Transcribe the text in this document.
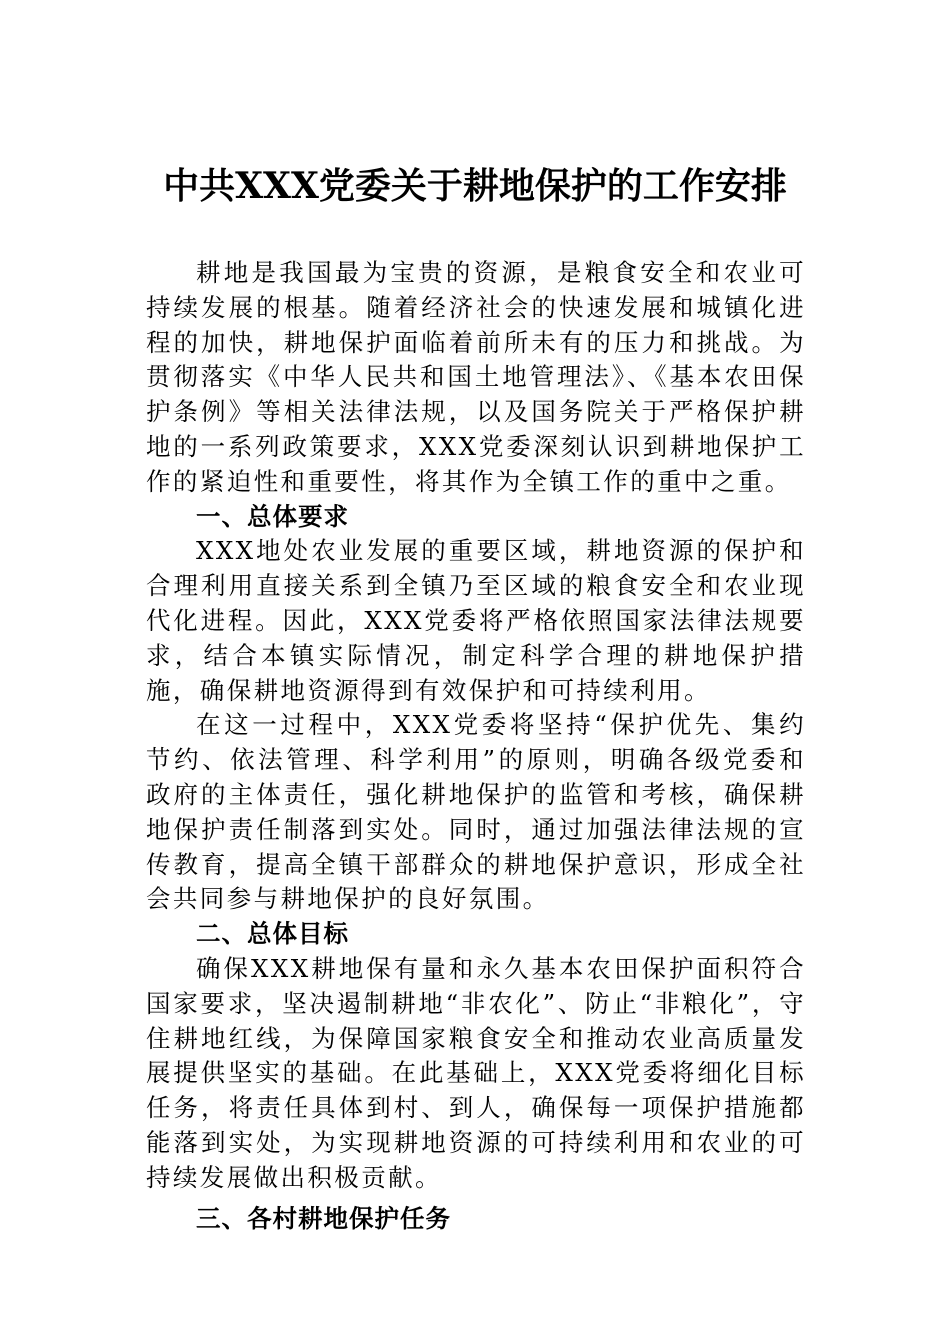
中共XXX党委关于耕地保护的工作安排

耕地是我国最为宝贵的资源，是粮食安全和农业可持续发展的根基。随着经济社会的快速发展和城镇化进程的加快，耕地保护面临着前所未有的压力和挑战。为贯彻落实《中华人民共和国土地管理法》、《基本农田保护条例》等相关法律法规，以及国务院关于严格保护耕地的一系列政策要求，XXX党委深刻认识到耕地保护工作的紧迫性和重要性，将其作为全镇工作的重中之重。

一、总体要求

XXX地处农业发展的重要区域，耕地资源的保护和合理利用直接关系到全镇乃至区域的粮食安全和农业现代化进程。因此，XXX党委将严格依照国家法律法规要求，结合本镇实际情况，制定科学合理的耕地保护措施，确保耕地资源得到有效保护和可持续利用。

在这一过程中，XXX党委将坚持“保护优先、集约节约、依法管理、科学利用”的原则，明确各级党委和政府的主体责任，强化耕地保护的监管和考核，确保耕地保护责任制落到实处。同时，通过加强法律法规的宣传教育，提高全镇干部群众的耕地保护意识，形成全社会共同参与耕地保护的良好氛围。

二、总体目标

确保XXX耕地保有量和永久基本农田保护面积符合国家要求，坚决遏制耕地“非农化”、防止“非粮化”，守住耕地红线，为保障国家粮食安全和推动农业高质量发展提供坚实的基础。在此基础上，XXX党委将细化目标任务，将责任具体到村、到人，确保每一项保护措施都能落到实处，为实现耕地资源的可持续利用和农业的可持续发展做出积极贡献。

三、各村耕地保护任务
